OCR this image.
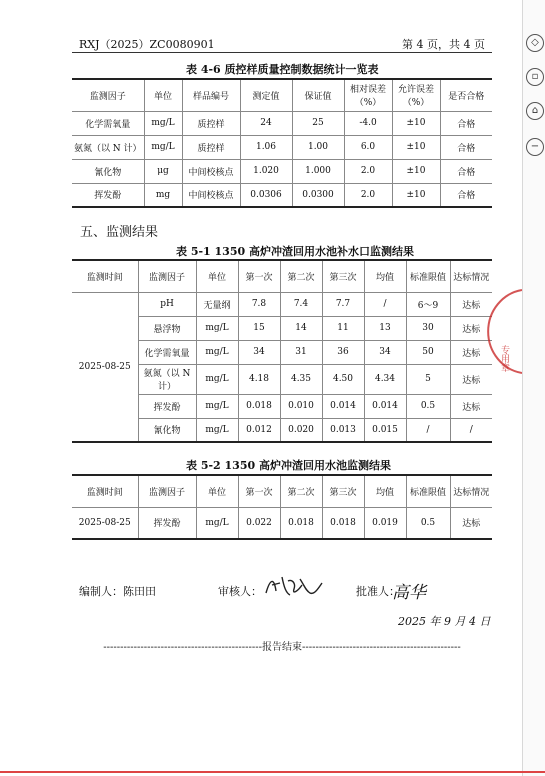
RXJ（2025）ZC0080901	第 4 页，共 4 页
表 4-6 质控样质量控制数据统计一览表
监测因子	单位	样品编号	测定值	保证值	相对误差（%）	允许误差（%）	是否合格
化学需氧量	mg/L	质控样	24	25	-4.0	±10	合格
氨氮（以 N 计）	mg/L	质控样	1.06	1.00	6.0	±10	合格
氰化物	μg	中间校核点	1.020	1.000	2.0	±10	合格
挥发酚	mg	中间校核点	0.0306	0.0300	2.0	±10	合格
五、监测结果
表 5-1 1350 高炉冲渣回用水池补水口监测结果
监测时间	监测因子	单位	第一次	第二次	第三次	均值	标准限值	达标情况
2025-08-25	pH	无量纲	7.8	7.4	7.7	/	6～9	达标
	悬浮物	mg/L	15	14	11	13	30	达标
	化学需氧量	mg/L	34	31	36	34	50	达标
	氨氮（以 N 计）	mg/L	4.18	4.35	4.50	4.34	5	达标
	挥发酚	mg/L	0.018	0.010	0.014	0.014	0.5	达标
	氰化物	mg/L	0.012	0.020	0.013	0.015	/	/
表 5-2 1350 高炉冲渣回用水池监测结果
监测时间	监测因子	单位	第一次	第二次	第三次	均值	标准限值	达标情况
2025-08-25	挥发酚	mg/L	0.022	0.018	0.018	0.019	0.5	达标
编制人：陈田田	审核人：	批准人：
高华
2025 年 9 月 4 日
-----------------------------------------------报告结束-----------------------------------------------
专用章
◇
▫
⌂
−
